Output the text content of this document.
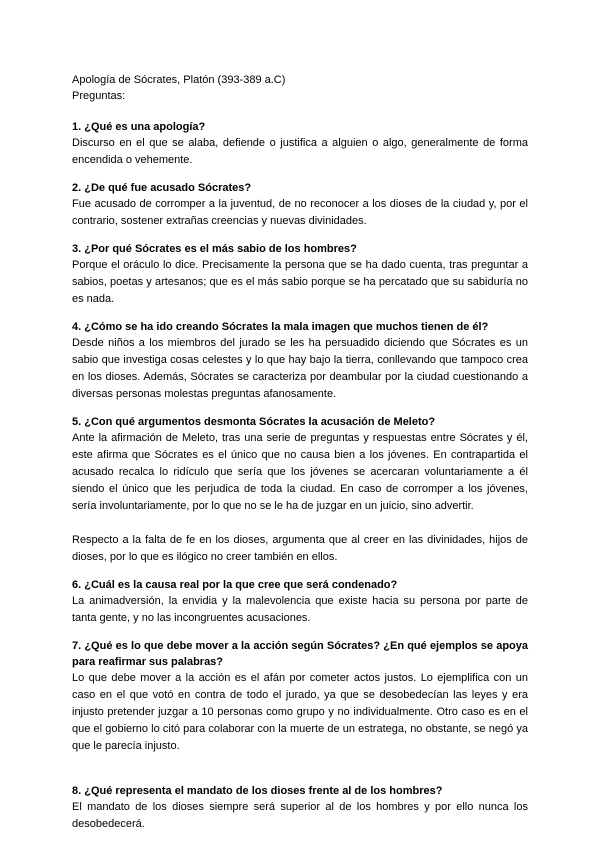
Apología de Sócrates, Platón (393-389 a.C)

Preguntas:

1. ¿Qué es una apología?

Discurso en el que se alaba, defiende o justifica a alguien o algo, generalmente de forma encendida o vehemente.

2. ¿De qué fue acusado Sócrates?

Fue acusado de corromper a la juventud, de no reconocer a los dioses de la ciudad y, por el contrario, sostener extrañas creencias y nuevas divinidades.

3. ¿Por qué Sócrates es el más sabio de los hombres?

Porque el oráculo lo dice. Precisamente la persona que se ha dado cuenta, tras preguntar a sabios, poetas y artesanos; que es el más sabio porque se ha percatado que su sabiduría no es nada.

4. ¿Cómo se ha ido creando Sócrates la mala imagen que muchos tienen de él?

Desde niños a los miembros del jurado se les ha persuadido diciendo que Sócrates es un sabio que investiga cosas celestes y lo que hay bajo la tierra, conllevando que tampoco crea en los dioses. Además, Sócrates se caracteriza por deambular por la ciudad cuestionando a diversas personas molestas preguntas afanosamente.

5. ¿Con qué argumentos desmonta Sócrates la acusación de Meleto?

Ante la afirmación de Meleto, tras una serie de preguntas y respuestas entre Sócrates y él, este afirma que Sócrates es el único que no causa bien a los jóvenes. En contrapartida el acusado recalca lo ridículo que sería que los jóvenes se acercaran voluntariamente a él siendo el único que les perjudica de toda la ciudad. En caso de corromper a los jóvenes, sería involuntariamente, por lo que no se le ha de juzgar en un juicio, sino advertir.

Respecto a la falta de fe en los dioses, argumenta que al creer en las divinidades, hijos de dioses, por lo que es ilógico no creer también en ellos.

6. ¿Cuál es la causa real por la que cree que será condenado?

La animadversión, la envidia y la malevolencia que existe hacia su persona por parte de tanta gente, y no las incongruentes acusaciones.

7. ¿Qué es lo que debe mover a la acción según Sócrates? ¿En qué ejemplos se apoya para reafirmar sus palabras?

Lo que debe mover a la acción es el afán por cometer actos justos. Lo ejemplifica con un caso en el que votó en contra de todo el jurado, ya que se desobedecían las leyes y era injusto pretender juzgar a 10 personas como grupo y no individualmente. Otro caso es en el que el gobierno lo citó para colaborar con la muerte de un estratega, no obstante, se negó ya que le parecía injusto.

8. ¿Qué representa el mandato de los dioses frente al de los hombres?

El mandato de los dioses siempre será superior al de los hombres y por ello nunca los desobedecerá.
